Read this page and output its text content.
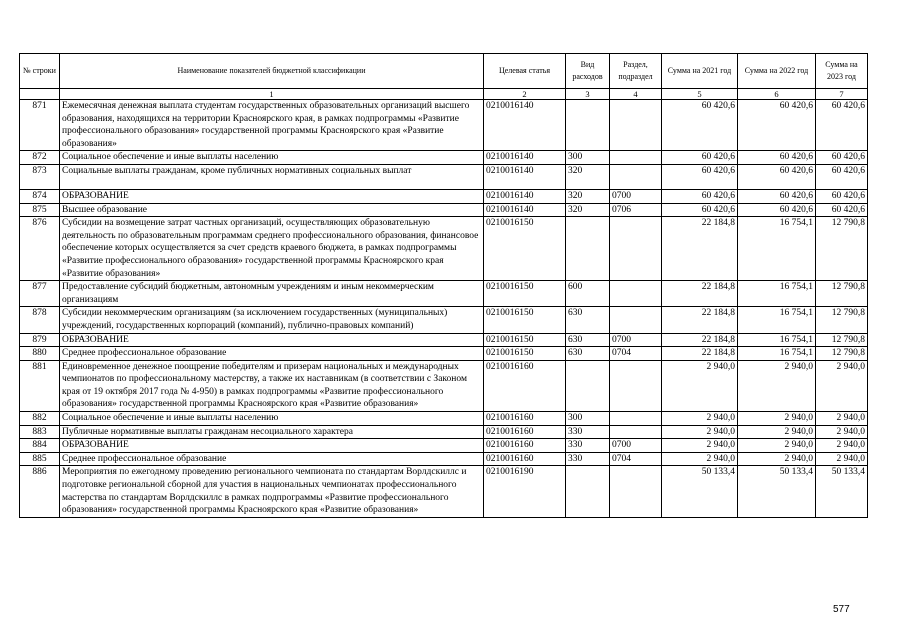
№ строки	Наименование показателей бюджетной классификации	Целевая статья	Вид расходов	Раздел, подраздел	Сумма на 2021 год	Сумма на 2022 год	Сумма на 2023 год
	1	2	3	4	5	6	7
871	Ежемесячная денежная выплата студентам государственных образовательных организаций высшего образования, находящихся на территории Красноярского края, в рамках подпрограммы «Развитие профессионального образования» государственной программы Красноярского края «Развитие образования»	0210016140			60 420,6	60 420,6	60 420,6
872	Социальное обеспечение и иные выплаты населению	0210016140	300		60 420,6	60 420,6	60 420,6
873	Социальные выплаты гражданам, кроме публичных нормативных социальных выплат	0210016140	320		60 420,6	60 420,6	60 420,6
874	ОБРАЗОВАНИЕ	0210016140	320	0700	60 420,6	60 420,6	60 420,6
875	Высшее образование	0210016140	320	0706	60 420,6	60 420,6	60 420,6
876	Субсидии на возмещение затрат частных организаций, осуществляющих образовательную деятельность по образовательным программам среднего профессионального образования, финансовое обеспечение которых осуществляется за счет средств краевого бюджета, в рамках подпрограммы «Развитие профессионального образования» государственной программы Красноярского края «Развитие образования»	0210016150			22 184,8	16 754,1	12 790,8
877	Предоставление субсидий бюджетным, автономным учреждениям и иным некоммерческим организациям	0210016150	600		22 184,8	16 754,1	12 790,8
878	Субсидии некоммерческим организациям (за исключением государственных (муниципальных) учреждений, государственных корпораций (компаний), публично-правовых компаний)	0210016150	630		22 184,8	16 754,1	12 790,8
879	ОБРАЗОВАНИЕ	0210016150	630	0700	22 184,8	16 754,1	12 790,8
880	Среднее профессиональное образование	0210016150	630	0704	22 184,8	16 754,1	12 790,8
881	Единовременное денежное поощрение победителям и призерам национальных и международных чемпионатов по профессиональному мастерству, а также их наставникам (в соответствии с Законом края от 19 октября 2017 года № 4-950) в рамках подпрограммы «Развитие профессионального образования» государственной программы Красноярского края «Развитие образования»	0210016160			2 940,0	2 940,0	2 940,0
882	Социальное обеспечение и иные выплаты населению	0210016160	300		2 940,0	2 940,0	2 940,0
883	Публичные нормативные выплаты гражданам несоциального характера	0210016160	330		2 940,0	2 940,0	2 940,0
884	ОБРАЗОВАНИЕ	0210016160	330	0700	2 940,0	2 940,0	2 940,0
885	Среднее профессиональное образование	0210016160	330	0704	2 940,0	2 940,0	2 940,0
886	Мероприятия по ежегодному проведению регионального чемпионата по стандартам Ворлдскиллс и подготовке региональной сборной для участия в национальных чемпионатах профессионального мастерства по стандартам Ворлдскиллс в рамках подпрограммы «Развитие профессионального образования» государственной программы Красноярского края «Развитие образования»	0210016190			50 133,4	50 133,4	50 133,4
577
